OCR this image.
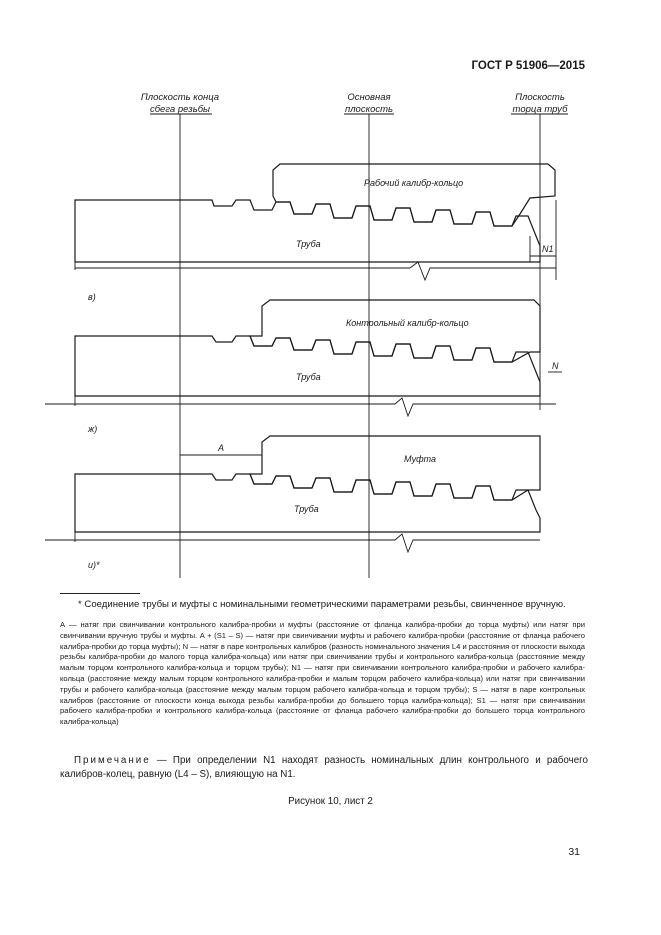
ГОСТ Р 51906—2015
Плоскость конца
сбега резьбы
Основная
плоскость
Плоскость
торца труб
Труба
Рабочий калибр-кольцо
N1
в)
Труба
Контрольный калибр-кольцо
N
ж)
A
Труба
Муфта
и)*
* Соединение трубы и муфты с номинальными геометрическими параметрами резьбы, свинченное вручную.
А — натяг при свинчивании контрольного калибра-пробки и муфты (расстояние от фланца калибра-пробки до торца муфты) или натяг при свинчивании вручную трубы и муфты. A + (S1 – S) — натяг при свинчивании муфты и рабочего калибра-пробки (расстояние от фланца рабочего калибра-пробки до торца муфты); N — натяг в паре контрольных калибров (разность номинального значения L4 и расстояния от плоскости выхода резьбы калибра-пробки до малого торца калибра-кольца) или натяг при свинчивании трубы и контрольного калибра-кольца (расстояние между малым торцом контрольного калибра-кольца и торцом трубы); N1 — натяг при свинчивании контрольного калибра-пробки и рабочего калибра-кольца (расстояние между малым торцом контрольного калибра-пробки и малым торцом рабочего калибра-кольца) или натяг при свинчивании трубы и рабочего калибра-кольца (расстояние между малым торцом рабочего калибра-кольца и торцом трубы); S — натяг в паре контрольных калибров (расстояние от плоскости конца выхода резьбы калибра-пробки до большего торца калибра-кольца); S1 — натяг при свинчивании рабочего калибра-пробки и контрольного калибра-кольца (расстояние от фланца рабочего калибра-пробки до большего торца контрольного калибра-кольца)
Примечание — При определении N1 находят разность номинальных длин контрольного и рабочего калибров-колец, равную (L4 – S), влияющую на N1.
Рисунок 10, лист 2
31
